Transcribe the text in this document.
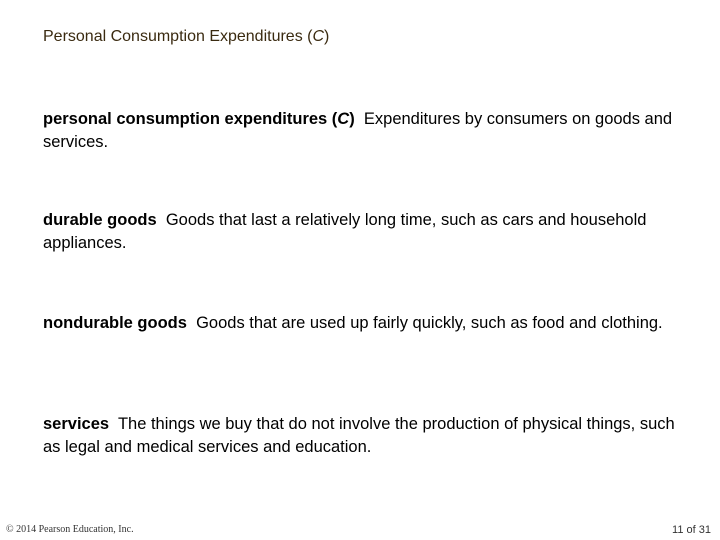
Personal Consumption Expenditures (C)
personal consumption expenditures (C) Expenditures by consumers on goods and services.
durable goods Goods that last a relatively long time, such as cars and household appliances.
nondurable goods Goods that are used up fairly quickly, such as food and clothing.
services The things we buy that do not involve the production of physical things, such as legal and medical services and education.
© 2014 Pearson Education, Inc.	11 of 31
